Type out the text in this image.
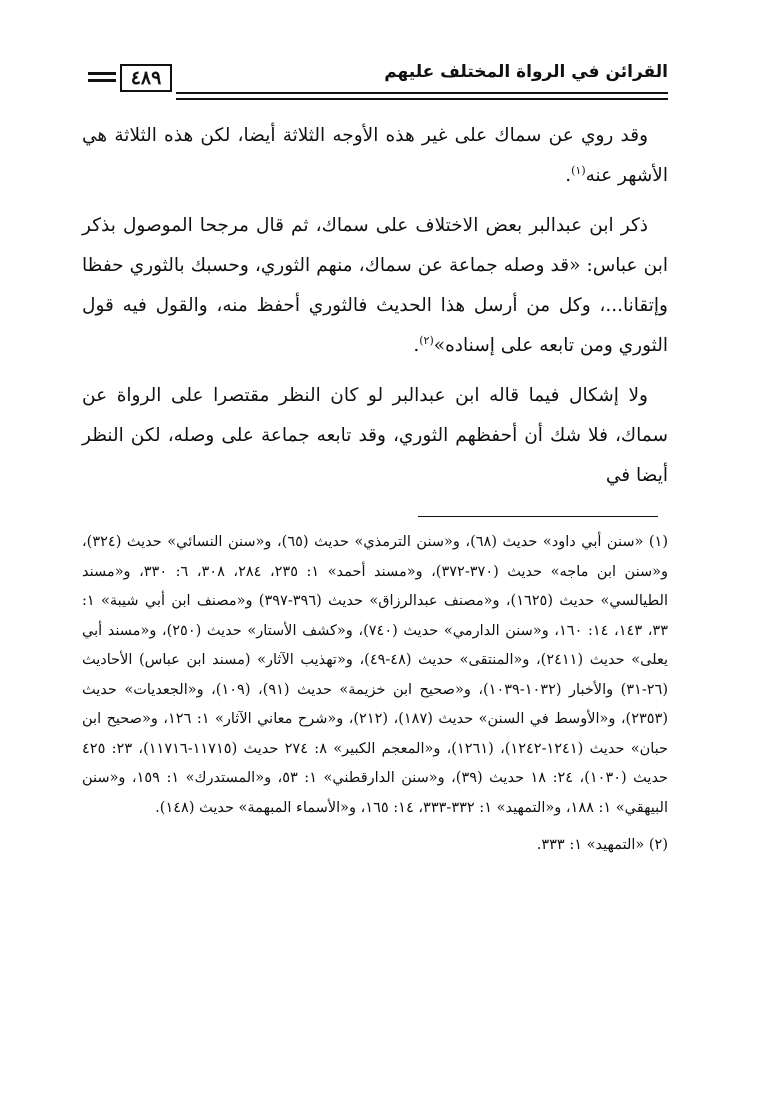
٤٨٩	القرائن في الرواة المختلف عليهم

وقد روي عن سماك على غير هذه الأوجه الثلاثة أيضا، لكن هذه الثلاثة هي الأشهر عنه$^{(١)}$.

ذكر ابن عبدالبر بعض الاختلاف على سماك، ثم قال مرجحا الموصول بذكر ابن عباس: «قد وصله جماعة عن سماك، منهم الثوري، وحسبك بالثوري حفظا وإتقانا...، وكل من أرسل هذا الحديث فالثوري أحفظ منه، والقول فيه قول الثوري ومن تابعه على إسناده»$^{(٢)}$.

ولا إشكال فيما قاله ابن عبدالبر لو كان النظر مقتصرا على الرواة عن سماك، فلا شك أن أحفظهم الثوري، وقد تابعه جماعة على وصله، لكن النظر أيضا في

(١) «سنن أبي داود» حديث (٦٨)، و«سنن الترمذي» حديث (٦٥)، و«سنن النسائي» حديث (٣٢٤)، و«سنن ابن ماجه» حديث (٣٧٠-٣٧٢)، و«مسند أحمد» ١: ٢٣٥، ٢٨٤، ٣٠٨، ٦: ٣٣٠، و«مسند الطيالسي» حديث (١٦٢٥)، و«مصنف عبدالرزاق» حديث (٣٩٦-٣٩٧) و«مصنف ابن أبي شيبة» ١: ٣٣، ١٤٣، ١٤: ١٦٠، و«سنن الدارمي» حديث (٧٤٠)، و«كشف الأستار» حديث (٢٥٠)، و«مسند أبي يعلى» حديث (٢٤١١)، و«المنتقى» حديث (٤٨-٤٩)، و«تهذيب الآثار» (مسند ابن عباس) الأحاديث (٢٦-٣١) والأخبار (١٠٣٢-١٠٣٩)، و«صحيح ابن خزيمة» حديث (٩١)، (١٠٩)، و«الجعديات» حديث (٢٣٥٣)، و«الأوسط في السنن» حديث (١٨٧)، (٢١٢)، و«شرح معاني الآثار» ١: ١٢٦، و«صحيح ابن حبان» حديث (١٢٤١-١٢٤٢)، (١٢٦١)، و«المعجم الكبير» ٨: ٢٧٤ حديث (١١٧١٥-١١٧١٦)، ٢٣: ٤٢٥ حديث (١٠٣٠)، ٢٤: ١٨ حديث (٣٩)، و«سنن الدارقطني» ١: ٥٣، و«المستدرك» ١: ١٥٩، و«سنن البيهقي» ١: ١٨٨، و«التمهيد» ١: ٣٣٢-٣٣٣، ١٤: ١٦٥، و«الأسماء المبهمة» حديث (١٤٨).

(٢) «التمهيد» ١: ٣٣٣.
